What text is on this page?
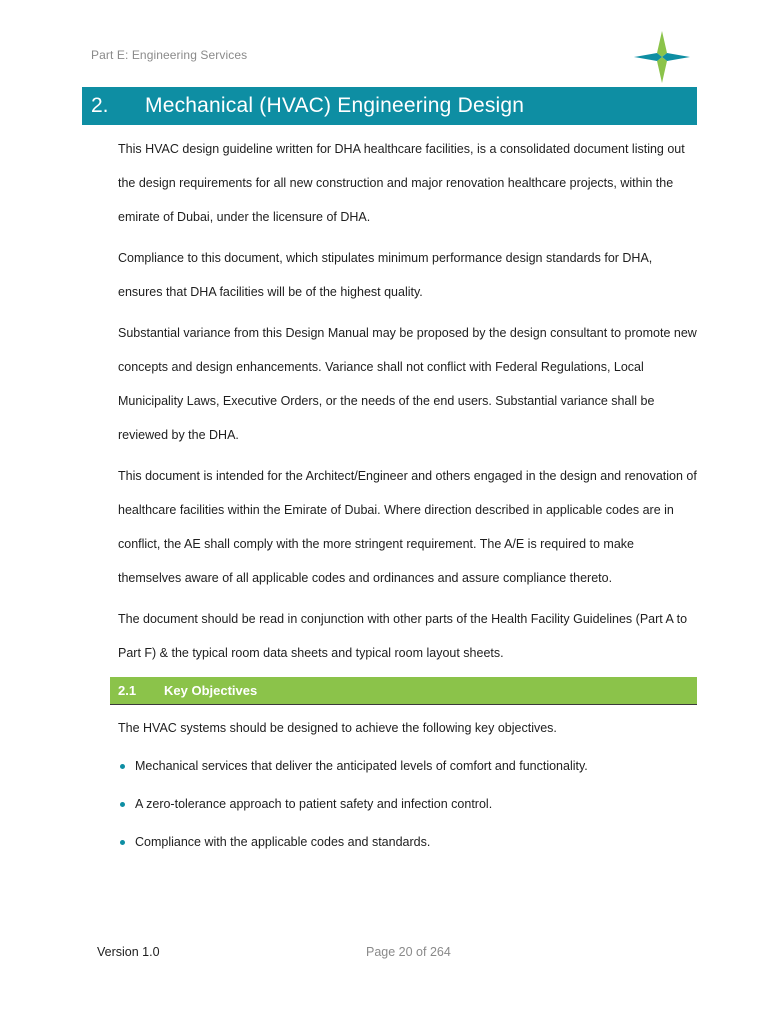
Part E: Engineering Services
2.	Mechanical (HVAC) Engineering Design

This HVAC design guideline written for DHA healthcare facilities, is a consolidated document listing out the design requirements for all new construction and major renovation healthcare projects, within the emirate of Dubai, under the licensure of DHA.

Compliance to this document, which stipulates minimum performance design standards for DHA, ensures that DHA facilities will be of the highest quality.

Substantial variance from this Design Manual may be proposed by the design consultant to promote new concepts and design enhancements. Variance shall not conflict with Federal Regulations, Local Municipality Laws, Executive Orders, or the needs of the end users. Substantial variance shall be reviewed by the DHA.

This document is intended for the Architect/Engineer and others engaged in the design and renovation of healthcare facilities within the Emirate of Dubai. Where direction described in applicable codes are in conflict, the AE shall comply with the more stringent requirement. The A/E is required to make themselves aware of all applicable codes and ordinances and assure compliance thereto.

The document should be read in conjunction with other parts of the Health Facility Guidelines (Part A to Part F) & the typical room data sheets and typical room layout sheets.

2.1	Key Objectives

The HVAC systems should be designed to achieve the following key objectives.

Mechanical services that deliver the anticipated levels of comfort and functionality.
A zero-tolerance approach to patient safety and infection control.
Compliance with the applicable codes and standards.
Version 1.0	Page 20 of 264
